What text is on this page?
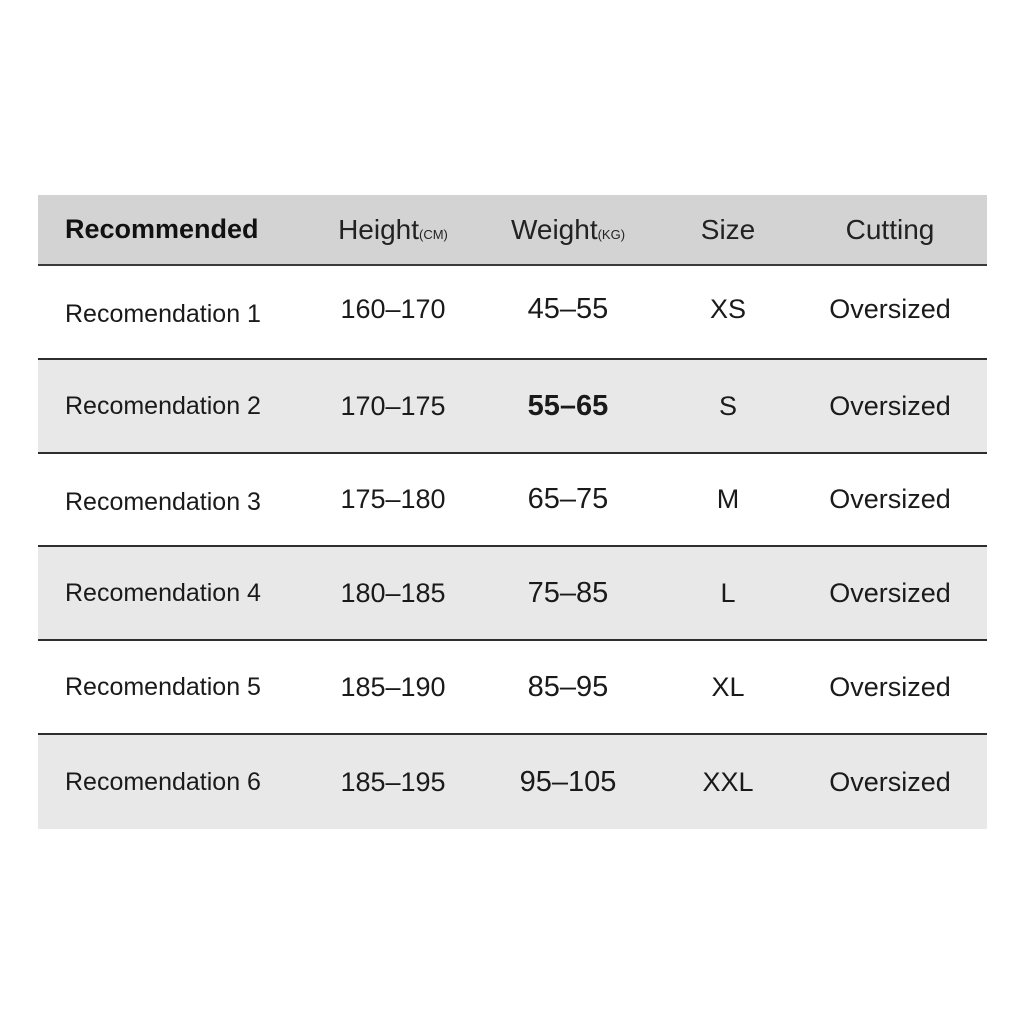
Recommended	Height(CM)	Weight(KG)	Size	Cutting
Recomendation 1	160–170	45–55	XS	Oversized
Recomendation 2	170–175	55–65	S	Oversized
Recomendation 3	175–180	65–75	M	Oversized
Recomendation 4	180–185	75–85	L	Oversized
Recomendation 5	185–190	85–95	XL	Oversized
Recomendation 6	185–195	95–105	XXL	Oversized
